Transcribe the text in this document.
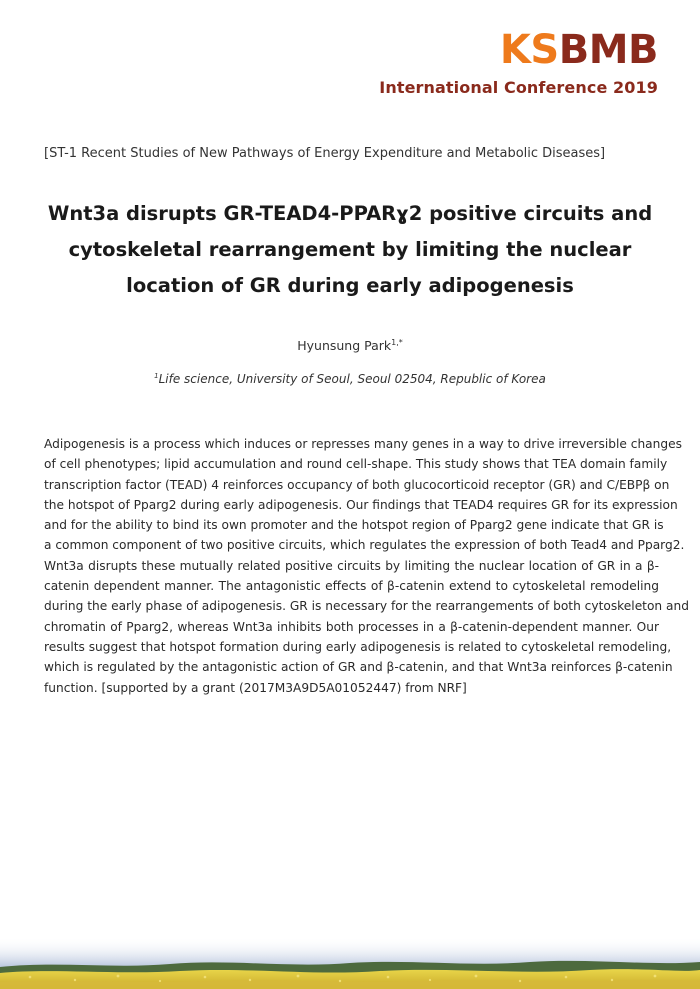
KSBMB
International Conference 2019
[ST-1 Recent Studies of New Pathways of Energy Expenditure and Metabolic Diseases]
Wnt3a disrupts GR-TEAD4-PPARɣ2 positive circuits and
cytoskeletal rearrangement by limiting the nuclear
location of GR during early adipogenesis
Hyunsung Park$^{1,*}$
$^1$Life science, University of Seoul, Seoul 02504, Republic of Korea
Adipogenesis is a process which induces or represses many genes in a way to drive irreversible changes
of cell phenotypes; lipid accumulation and round cell-shape. This study shows that TEA domain family
transcription factor (TEAD) 4 reinforces occupancy of both glucocorticoid receptor (GR) and C/EBPβ on
the hotspot of Pparg2 during early adipogenesis. Our findings that TEAD4 requires GR for its expression
and for the ability to bind its own promoter and the hotspot region of Pparg2 gene indicate that GR is
a common component of two positive circuits, which regulates the expression of both Tead4 and Pparg2.
Wnt3a disrupts these mutually related positive circuits by limiting the nuclear location of GR in a β-
catenin dependent manner. The antagonistic effects of β-catenin extend to cytoskeletal remodeling
during the early phase of adipogenesis. GR is necessary for the rearrangements of both cytoskeleton and
chromatin of Pparg2, whereas Wnt3a inhibits both processes in a β-catenin-dependent manner. Our
results suggest that hotspot formation during early adipogenesis is related to cytoskeletal remodeling,
which is regulated by the antagonistic action of GR and β-catenin, and that Wnt3a reinforces β-catenin
function. [supported by a grant (2017M3A9D5A01052447) from NRF]
